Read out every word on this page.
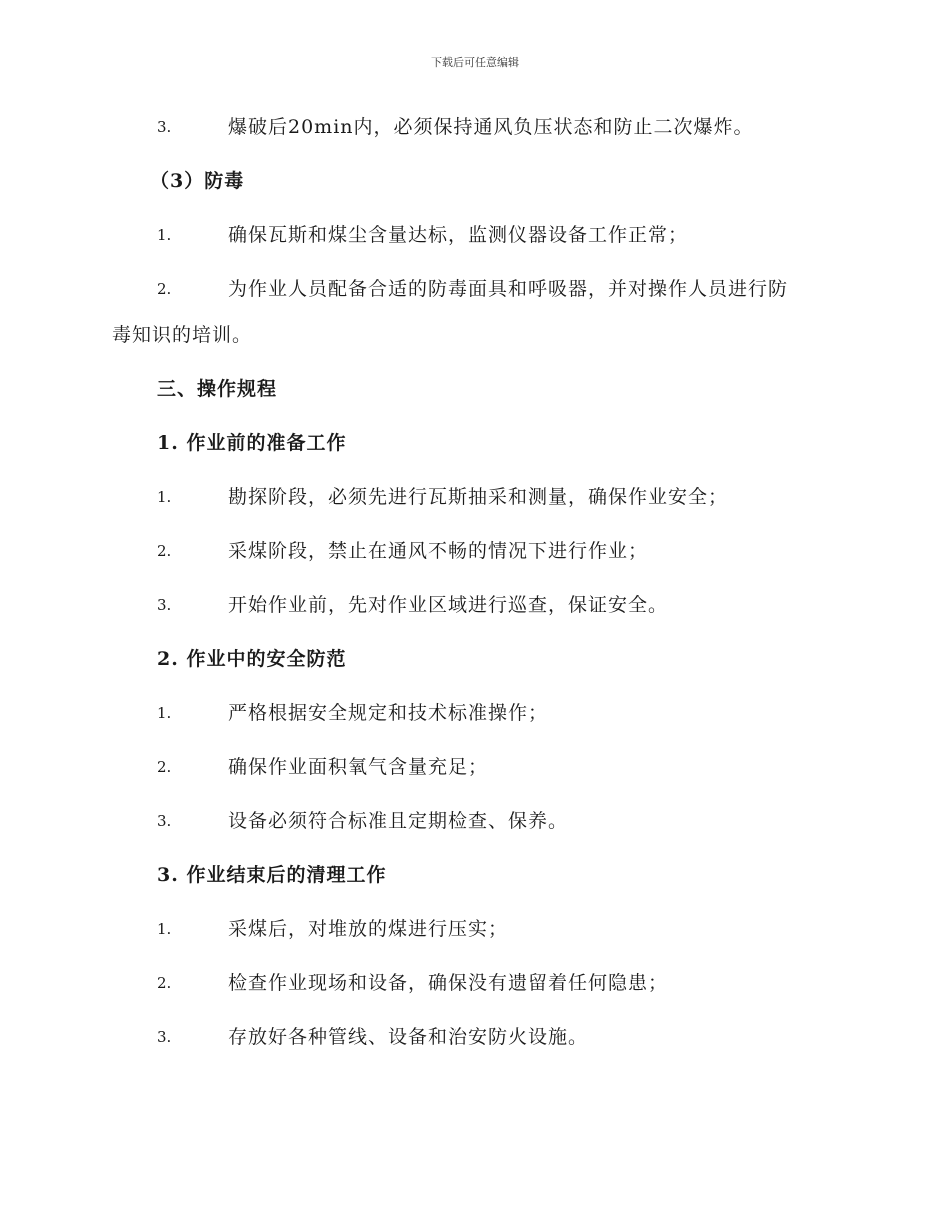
下载后可任意编辑
3.	爆破后20min内，必须保持通风负压状态和防止二次爆炸。
（3）防毒
1.	确保瓦斯和煤尘含量达标，监测仪器设备工作正常；
2.	为作业人员配备合适的防毒面具和呼吸器，并对操作人员进行防
毒知识的培训。
三、操作规程
1. 作业前的准备工作
1.	勘探阶段，必须先进行瓦斯抽采和测量，确保作业安全；
2.	采煤阶段，禁止在通风不畅的情况下进行作业；
3.	开始作业前，先对作业区域进行巡查，保证安全。
2. 作业中的安全防范
1.	严格根据安全规定和技术标准操作；
2.	确保作业面积氧气含量充足；
3.	设备必须符合标准且定期检查、保养。
3. 作业结束后的清理工作
1.	采煤后，对堆放的煤进行压实；
2.	检查作业现场和设备，确保没有遗留着任何隐患；
3.	存放好各种管线、设备和治安防火设施。
